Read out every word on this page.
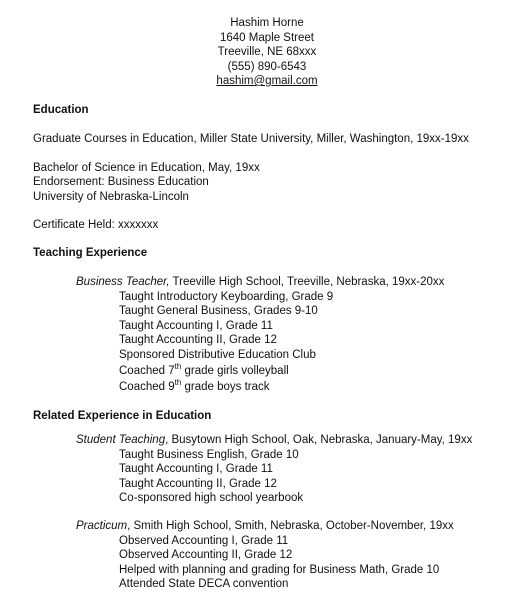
Hashim Horne
1640 Maple Street
Treeville, NE 68xxx
(555) 890-6543
hashim@gmail.com
Education
Graduate Courses in Education, Miller State University, Miller, Washington, 19xx-19xx
Bachelor of Science in Education, May, 19xx
Endorsement: Business Education
University of Nebraska-Lincoln
Certificate Held: xxxxxxx
Teaching Experience
Business Teacher, Treeville High School, Treeville, Nebraska, 19xx-20xx
Taught Introductory Keyboarding, Grade 9
Taught General Business, Grades 9-10
Taught Accounting I, Grade 11
Taught Accounting II, Grade 12
Sponsored Distributive Education Club
Coached 7th grade girls volleyball
Coached 9th grade boys track
Related Experience in Education
Student Teaching, Busytown High School, Oak, Nebraska, January-May, 19xx
Taught Business English, Grade 10
Taught Accounting I, Grade 11
Taught Accounting II, Grade 12
Co-sponsored high school yearbook
Practicum, Smith High School, Smith, Nebraska, October-November, 19xx
Observed Accounting I, Grade 11
Observed Accounting II, Grade 12
Helped with planning and grading for Business Math, Grade 10
Attended State DECA convention
